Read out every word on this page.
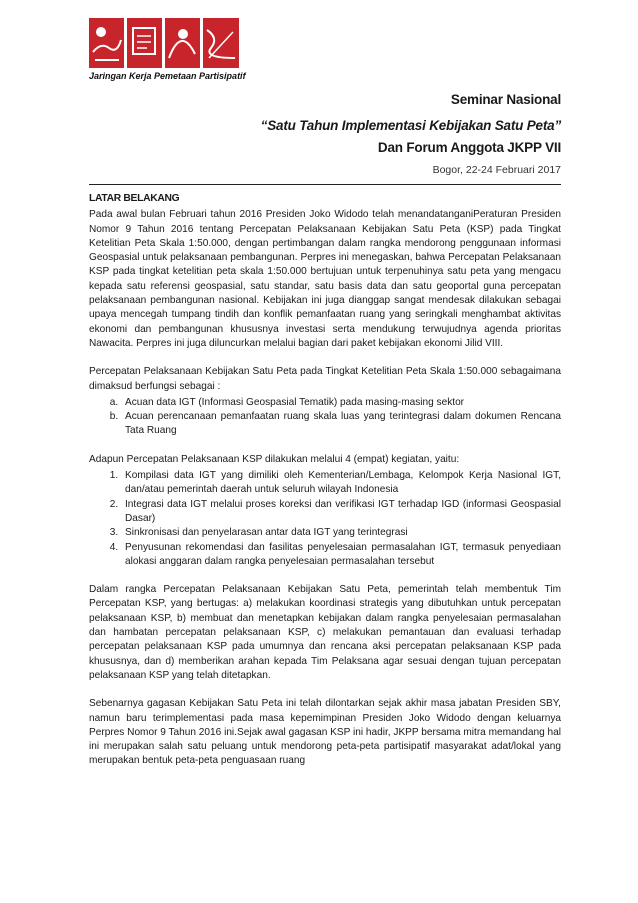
Jaringan Kerja Pemetaan Partisipatif
Seminar Nasional
“Satu Tahun Implementasi Kebijakan Satu Peta”
Dan Forum Anggota JKPP VII
Bogor, 22-24 Februari 2017
LATAR BELAKANG

Pada awal bulan Februari tahun 2016 Presiden Joko Widodo telah menandatanganiPeraturan Presiden Nomor 9 Tahun 2016 tentang Percepatan Pelaksanaan Kebijakan Satu Peta (KSP) pada Tingkat Ketelitian Peta Skala 1:50.000, dengan pertimbangan dalam rangka mendorong penggunaan informasi Geospasial untuk pelaksanaan pembangunan. Perpres ini menegaskan, bahwa Percepatan Pelaksanaan KSP pada tingkat ketelitian peta skala 1:50.000 bertujuan untuk terpenuhinya satu peta yang mengacu kepada satu referensi geospasial, satu standar, satu basis data dan satu geoportal guna percepatan pelaksanaan pembangunan nasional. Kebijakan ini juga dianggap sangat mendesak dilakukan sebagai upaya mencegah tumpang tindih dan konflik pemanfaatan ruang yang seringkali menghambat aktivitas ekonomi dan pembangunan khususnya investasi serta mendukung terwujudnya agenda prioritas Nawacita. Perpres ini juga diluncurkan melalui bagian dari paket kebijakan ekonomi Jilid VIII.

Percepatan Pelaksanaan Kebijakan Satu Peta pada Tingkat Ketelitian Peta Skala 1:50.000 sebagaimana dimaksud berfungsi sebagai :

a. Acuan data IGT (Informasi Geospasial Tematik) pada masing-masing sektor
b. Acuan perencanaan pemanfaatan ruang skala luas yang terintegrasi dalam dokumen Rencana Tata Ruang

Adapun Percepatan Pelaksanaan KSP dilakukan melalui 4 (empat) kegiatan, yaitu:

1. Kompilasi data IGT yang dimiliki oleh Kementerian/Lembaga, Kelompok Kerja Nasional IGT, dan/atau pemerintah daerah untuk seluruh wilayah Indonesia
2. Integrasi data IGT melalui proses koreksi dan verifikasi IGT terhadap IGD (informasi Geospasial Dasar)
3. Sinkronisasi dan penyelarasan antar data IGT yang terintegrasi
4. Penyusunan rekomendasi dan fasilitas penyelesaian permasalahan IGT, termasuk penyediaan alokasi anggaran dalam rangka penyelesaian permasalahan tersebut

Dalam rangka Percepatan Pelaksanaan Kebijakan Satu Peta, pemerintah telah membentuk Tim Percepatan KSP, yang bertugas: a) melakukan koordinasi strategis yang dibutuhkan untuk percepatan pelaksanaan KSP, b) membuat dan menetapkan kebijakan dalam rangka penyelesaian permasalahan dan hambatan percepatan pelaksanaan KSP, c) melakukan pemantauan dan evaluasi terhadap percepatan pelaksanaan KSP pada umumnya dan rencana aksi percepatan pelaksanaan KSP pada khususnya, dan d) memberikan arahan kepada Tim Pelaksana agar sesuai dengan tujuan percepatan pelaksanaan KSP yang telah ditetapkan.

Sebenarnya gagasan Kebijakan Satu Peta ini telah dilontarkan sejak akhir masa jabatan Presiden SBY, namun baru terimplementasi pada masa kepemimpinan Presiden Joko Widodo dengan keluarnya Perpres Nomor 9 Tahun 2016 ini.Sejak awal gagasan KSP ini hadir, JKPP bersama mitra memandang hal ini merupakan salah satu peluang untuk mendorong peta-peta partisipatif masyarakat adat/lokal yang merupakan bentuk peta-peta penguasaan ruang
